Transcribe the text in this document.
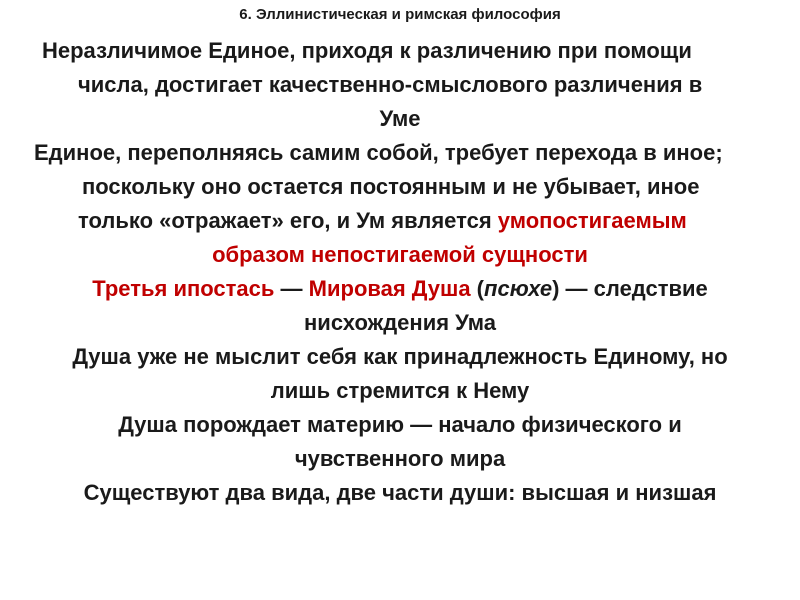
6. Эллинистическая и римская философия
Неразличимое Единое, приходя к различению при помощи
числа, достигает качественно-смыслового различения в
Уме
Единое, переполняясь самим собой, требует перехода в иное;
поскольку оно остается постоянным и не убывает, иное
только «отражает» его, и Ум является умопостигаемым
образом непостигаемой сущности
Третья ипостась — Мировая Душа (псюхе) — следствие
нисхождения Ума
Душа уже не мыслит себя как принадлежность Единому, но
лишь стремится к Нему
Душа порождает материю — начало физического и
чувственного мира
Существуют два вида, две части души: высшая и низшая
